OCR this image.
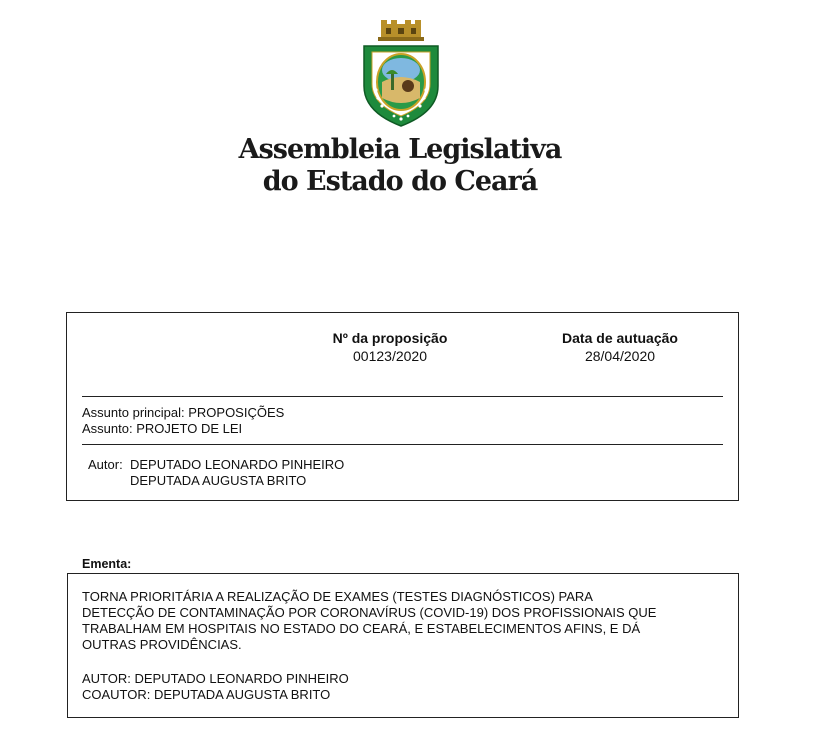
Assembleia Legislativa
do Estado do Ceará
Nº da proposição
00123/2020
Data de autuação
28/04/2020
Assunto principal: PROPOSIÇÕES
Assunto: PROJETO DE LEI
Autor: DEPUTADO LEONARDO PINHEIRO
DEPUTADA AUGUSTA BRITO
Ementa:
TORNA PRIORITÁRIA A REALIZAÇÃO DE EXAMES (TESTES DIAGNÓSTICOS) PARA
DETECÇÃO DE CONTAMINAÇÃO POR CORONAVÍRUS (COVID-19) DOS PROFISSIONAIS QUE
TRABALHAM EM HOSPITAIS NO ESTADO DO CEARÁ, E ESTABELECIMENTOS AFINS, E DÁ
OUTRAS PROVIDÊNCIAS.
AUTOR: DEPUTADO LEONARDO PINHEIRO
COAUTOR: DEPUTADA AUGUSTA BRITO
